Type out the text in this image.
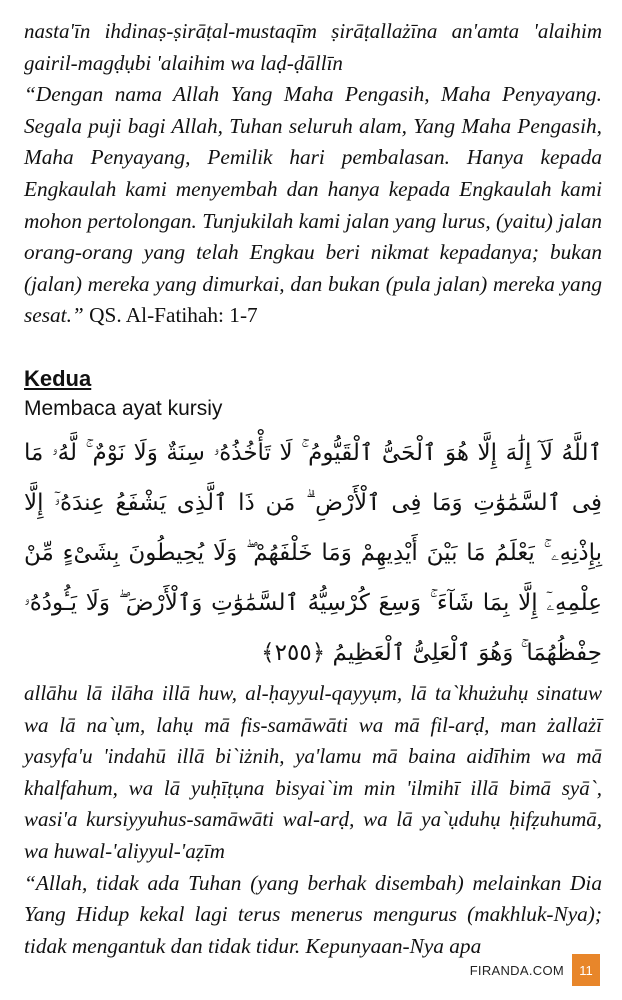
nasta'īn ihdinaṣ-ṣirāṭal-mustaqīm ṣirāṭallażīna an'amta 'alaihim gairil-magḍụbi 'alaihim wa laḍ-ḍāllīn

“Dengan nama Allah Yang Maha Pengasih, Maha Penyayang. Segala puji bagi Allah, Tuhan seluruh alam, Yang Maha Pengasih, Maha Penyayang, Pemilik hari pembalasan. Hanya kepada Engkaulah kami menyembah dan hanya kepada Engkaulah kami mohon pertolongan. Tunjukilah kami jalan yang lurus, (yaitu) jalan orang-orang yang telah Engkau beri nikmat kepadanya; bukan (jalan) mereka yang dimurkai, dan bukan (pula jalan) mereka yang sesat.” QS. Al-Fatihah: 1-7

Kedua

Membaca ayat kursiy

ٱللَّهُ لَآ إِلَٰهَ إِلَّا هُوَ ٱلْحَىُّ ٱلْقَيُّومُ ۚ لَا تَأْخُذُهُۥ سِنَةٌ وَلَا نَوْمٌ ۚ لَّهُۥ مَا فِى ٱلسَّمَٰوَٰتِ وَمَا فِى ٱلْأَرْضِ ۗ مَن ذَا ٱلَّذِى يَشْفَعُ عِندَهُۥٓ إِلَّا بِإِذْنِهِۦ ۚ يَعْلَمُ مَا بَيْنَ أَيْدِيهِمْ وَمَا خَلْفَهُمْ ۖ وَلَا يُحِيطُونَ بِشَىْءٍ مِّنْ عِلْمِهِۦٓ إِلَّا بِمَا شَآءَ ۚ وَسِعَ كُرْسِيُّهُ ٱلسَّمَٰوَٰتِ وَٱلْأَرْضَ ۖ وَلَا يَـُٔودُهُۥ حِفْظُهُمَا ۚ وَهُوَ ٱلْعَلِىُّ ٱلْعَظِيمُ ﴿٢٥٥﴾

allāhu lā ilāha illā huw, al-ḥayyul-qayyụm, lā ta`khużuhụ sinatuw wa lā na`ụm, lahụ mā fis-samāwāti wa mā fil-arḍ, man żallażī yasyfa'u 'indahū illā bi`iżnih, ya'lamu mā baina aidīhim wa mā khalfahum, wa lā yuḥīṭụna bisyai`im min 'ilmihī illā bimā syā`, wasi'a kursiyyuhus-samāwāti wal-arḍ, wa lā ya`ụduhụ ḥifẓuhumā, wa huwal-'aliyyul-'aẓīm

“Allah, tidak ada Tuhan (yang berhak disembah) melainkan Dia Yang Hidup kekal lagi terus menerus mengurus (makhluk-Nya); tidak mengantuk dan tidak tidur. Kepunyaan-Nya apa

FIRANDA.COM	11
